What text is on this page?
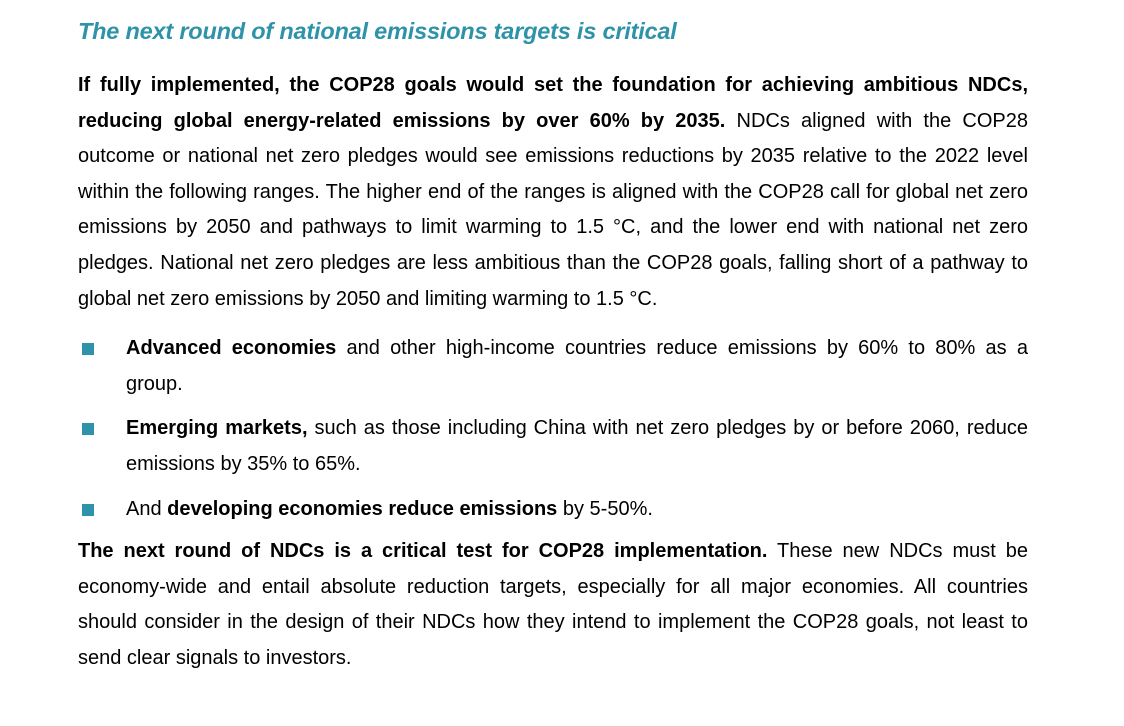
The next round of national emissions targets is critical

If fully implemented, the COP28 goals would set the foundation for achieving ambitious NDCs, reducing global energy-related emissions by over 60% by 2035. NDCs aligned with the COP28 outcome or national net zero pledges would see emissions reductions by 2035 relative to the 2022 level within the following ranges. The higher end of the ranges is aligned with the COP28 call for global net zero emissions by 2050 and pathways to limit warming to 1.5 °C, and the lower end with national net zero pledges. National net zero pledges are less ambitious than the COP28 goals, falling short of a pathway to global net zero emissions by 2050 and limiting warming to 1.5 °C.

Advanced economies and other high-income countries reduce emissions by 60% to 80% as a group.
Emerging markets, such as those including China with net zero pledges by or before 2060, reduce emissions by 35% to 65%.
And developing economies reduce emissions by 5-50%.

The next round of NDCs is a critical test for COP28 implementation. These new NDCs must be economy-wide and entail absolute reduction targets, especially for all major economies. All countries should consider in the design of their NDCs how they intend to implement the COP28 goals, not least to send clear signals to investors.
